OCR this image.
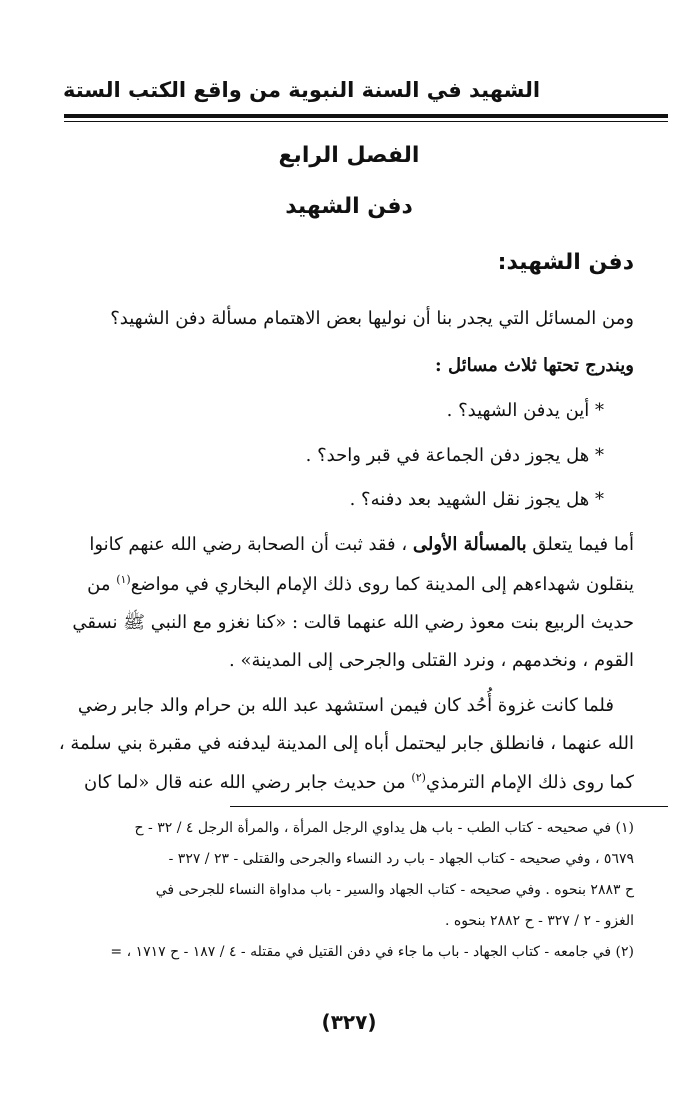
الشهيد في السنة النبوية من واقع الكتب الستة
الفصل الرابع
دفن الشهيد
دفن الشهيد:
ومن المسائل التي يجدر بنا أن نوليها بعض الاهتمام مسألة دفن الشهيد؟
ويندرج تحتها ثلاث مسائل :
* أين يدفن الشهيد؟ .
* هل يجوز دفن الجماعة في قبر واحد؟ .
* هل يجوز نقل الشهيد بعد دفنه؟ .
أما فيما يتعلق بالمسألة الأولى ، فقد ثبت أن الصحابة رضي الله عنهم كانوا
ينقلون شهداءهم إلى المدينة كما روى ذلك الإمام البخاري في مواضع$^{(١)}$ من
حديث الربيع بنت معوذ رضي الله عنهما قالت : «كنا نغزو مع النبي ﷺ نسقي
القوم ، ونخدمهم ، ونرد القتلى والجرحى إلى المدينة» .
فلما كانت غزوة أُحُد كان فيمن استشهد عبد الله بن حرام والد جابر رضي
الله عنهما ، فانطلق جابر ليحتمل أباه إلى المدينة ليدفنه في مقبرة بني سلمة ،
كما روى ذلك الإمام الترمذي$^{(٢)}$ من حديث جابر رضي الله عنه قال «لما كان
(١) في صحيحه - كتاب الطب - باب هل يداوي الرجل المرأة ، والمرأة الرجل ٤ / ٣٢ - ح
٥٦٧٩ ، وفي صحيحه - كتاب الجهاد - باب رد النساء والجرحى والقتلى - ٢٣ / ٣٢٧ -
ح ٢٨٨٣ بنحوه . وفي صحيحه - كتاب الجهاد والسير - باب مداواة النساء للجرحى في
الغزو - ٢ / ٣٢٧ - ح ٢٨٨٢ بنحوه .
(٢) في جامعه - كتاب الجهاد - باب ما جاء في دفن القتيل في مقتله - ٤ / ١٨٧ - ح ١٧١٧ ، =
(٣٢٧)
